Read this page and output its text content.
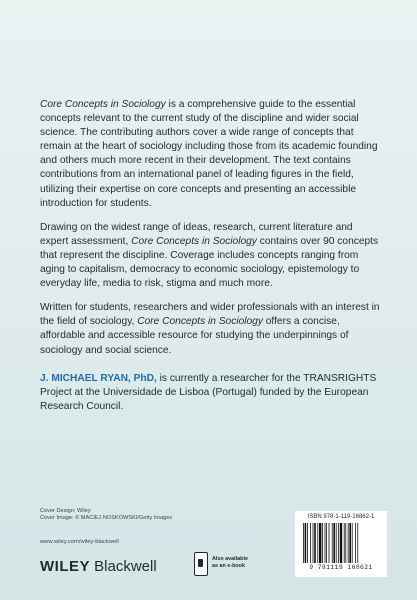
Core Concepts in Sociology is a comprehensive guide to the essential concepts relevant to the current study of the discipline and wider social science. The contributing authors cover a wide range of concepts that remain at the heart of sociology including those from its academic founding and others much more recent in their development. The text contains contributions from an international panel of leading figures in the field, utilizing their expertise on core concepts and presenting an accessible introduction for students.

Drawing on the widest range of ideas, research, current literature and expert assessment, Core Concepts in Sociology contains over 90 concepts that represent the discipline. Coverage includes concepts ranging from aging to capitalism, democracy to economic sociology, epistemology to everyday life, media to risk, stigma and much more.

Written for students, researchers and wider professionals with an interest in the field of sociology, Core Concepts in Sociology offers a concise, affordable and accessible resource for studying the underpinnings of sociology and social science.

J. MICHAEL RYAN, PhD, is currently a researcher for the TRANSRIGHTS Project at the Universidade de Lisboa (Portugal) funded by the European Research Council.
Cover Design: Wiley
Cover Image: © MACIEJ NOSKOWSKI/Getty Images
www.wiley.com/wiley-blackwell
WILEY Blackwell	Also available
as an e-book
ISBN 978-1-119-16862-1
9 781119 168621
